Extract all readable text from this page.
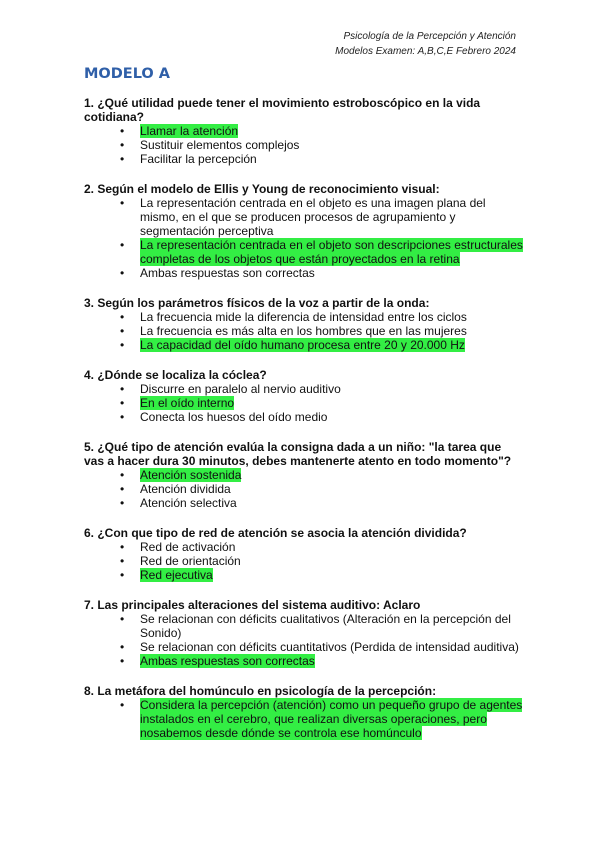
Psicología de la Percepción y Atención
Modelos Examen: A,B,C,E Febrero 2024
MODELO A
1. ¿Qué utilidad puede tener el movimiento estroboscópico en la vida cotidiana?
• Llamar la atención
• Sustituir elementos complejos
• Facilitar la percepción
2. Según el modelo de Ellis y Young de reconocimiento visual:
• La representación centrada en el objeto es una imagen plana del mismo, en el que se producen procesos de agrupamiento y segmentación perceptiva
• La representación centrada en el objeto son descripciones estructurales completas de los objetos que están proyectados en la retina
• Ambas respuestas son correctas
3. Según los parámetros físicos de la voz a partir de la onda:
• La frecuencia mide la diferencia de intensidad entre los ciclos
• La frecuencia es más alta en los hombres que en las mujeres
• La capacidad del oído humano procesa entre 20 y 20.000 Hz
4. ¿Dónde se localiza la cóclea?
• Discurre en paralelo al nervio auditivo
• En el oído interno
• Conecta los huesos del oído medio
5. ¿Qué tipo de atención evalúa la consigna dada a un niño: "la tarea que vas a hacer dura 30 minutos, debes mantenerte atento en todo momento"?
• Atención sostenida
• Atención dividida
• Atención selectiva
6. ¿Con que tipo de red de atención se asocia la atención dividida?
• Red de activación
• Red de orientación
• Red ejecutiva
7. Las principales alteraciones del sistema auditivo: Aclaro
• Se relacionan con déficits cualitativos (Alteración en la percepción del Sonido)
• Se relacionan con déficits cuantitativos (Perdida de intensidad auditiva)
• Ambas respuestas son correctas
8. La metáfora del homúnculo en psicología de la percepción:
• Considera la percepción (atención) como un pequeño grupo de agentes instalados en el cerebro, que realizan diversas operaciones, pero nosabemos desde dónde se controla ese homúnculo
